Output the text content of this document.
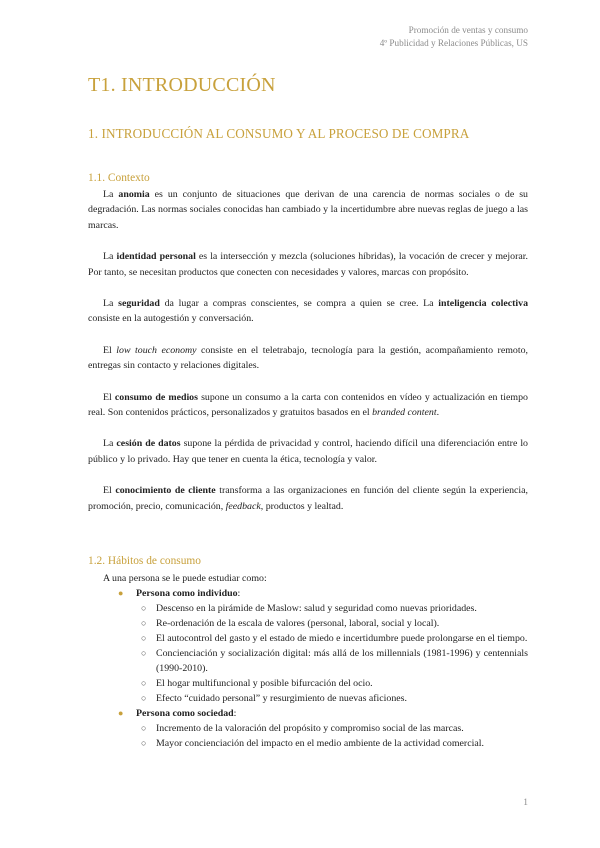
Promoción de ventas y consumo
4º Publicidad y Relaciones Públicas, US
T1. INTRODUCCIÓN
1. INTRODUCCIÓN AL CONSUMO Y AL PROCESO DE COMPRA
1.1. Contexto

La anomia es un conjunto de situaciones que derivan de una carencia de normas sociales o de su degradación. Las normas sociales conocidas han cambiado y la incertidumbre abre nuevas reglas de juego a las marcas.

La identidad personal es la intersección y mezcla (soluciones híbridas), la vocación de crecer y mejorar. Por tanto, se necesitan productos que conecten con necesidades y valores, marcas con propósito.

La seguridad da lugar a compras conscientes, se compra a quien se cree. La inteligencia colectiva consiste en la autogestión y conversación.

El low touch economy consiste en el teletrabajo, tecnología para la gestión, acompañamiento remoto, entregas sin contacto y relaciones digitales.

El consumo de medios supone un consumo a la carta con contenidos en vídeo y actualización en tiempo real. Son contenidos prácticos, personalizados y gratuitos basados en el branded content.

La cesión de datos supone la pérdida de privacidad y control, haciendo difícil una diferenciación entre lo público y lo privado. Hay que tener en cuenta la ética, tecnología y valor.

El conocimiento de cliente transforma a las organizaciones en función del cliente según la experiencia, promoción, precio, comunicación, feedback, productos y lealtad.

1.2. Hábitos de consumo
A una persona se le puede estudiar como:
● Persona como individuo:
○ Descenso en la pirámide de Maslow: salud y seguridad como nuevas prioridades.
○ Re-ordenación de la escala de valores (personal, laboral, social y local).
○ El autocontrol del gasto y el estado de miedo e incertidumbre puede prolongarse en el tiempo.
○ Concienciación y socialización digital: más allá de los millennials (1981-1996) y centennials (1990-2010).
○ El hogar multifuncional y posible bifurcación del ocio.
○ Efecto “cuidado personal” y resurgimiento de nuevas aficiones.
● Persona como sociedad:
○ Incremento de la valoración del propósito y compromiso social de las marcas.
○ Mayor concienciación del impacto en el medio ambiente de la actividad comercial.
1
